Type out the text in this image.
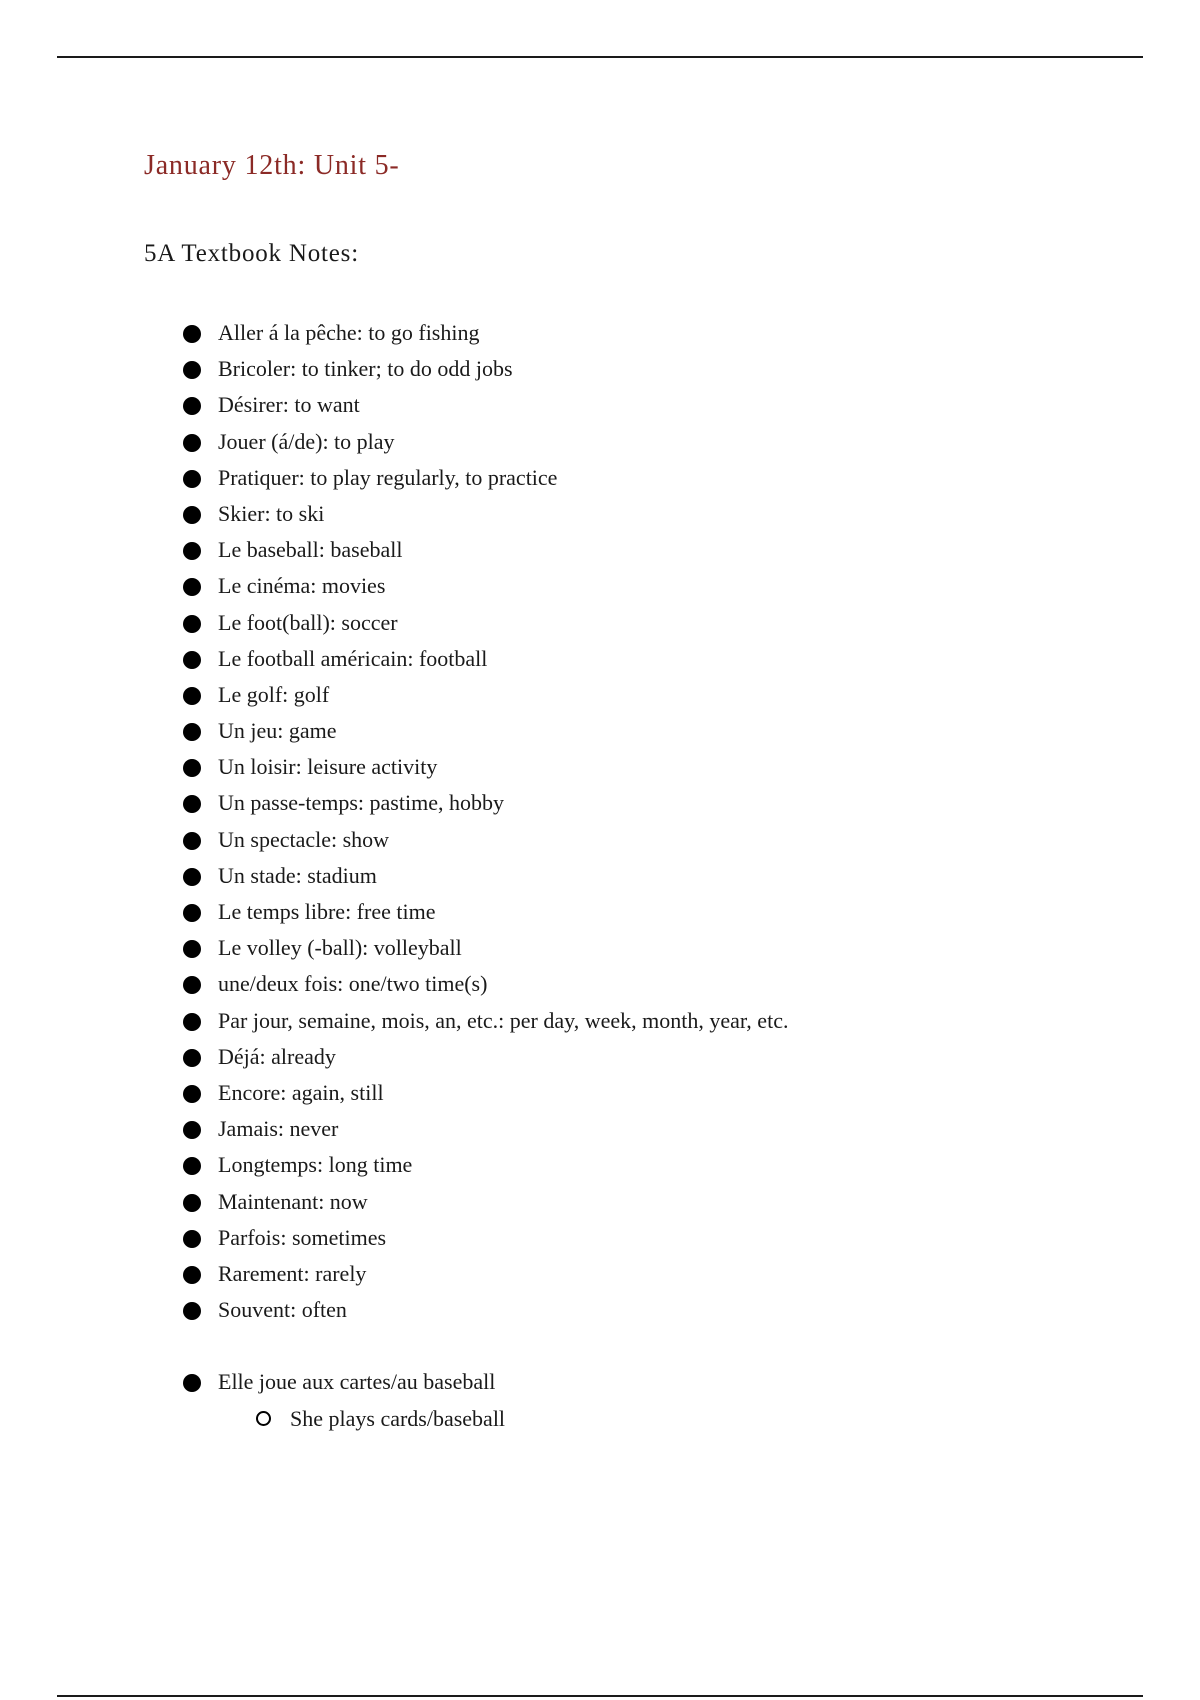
January 12th: Unit 5-
5A Textbook Notes:
Aller á la pêche: to go fishing
Bricoler: to tinker; to do odd jobs
Désirer: to want
Jouer (á/de): to play
Pratiquer: to play regularly, to practice
Skier: to ski
Le baseball: baseball
Le cinéma: movies
Le foot(ball): soccer
Le football américain: football
Le golf: golf
Un jeu: game
Un loisir: leisure activity
Un passe-temps: pastime, hobby
Un spectacle: show
Un stade: stadium
Le temps libre: free time
Le volley (-ball): volleyball
une/deux fois: one/two time(s)
Par jour, semaine, mois, an, etc.: per day, week, month, year, etc.
Déjá: already
Encore: again, still
Jamais: never
Longtemps: long time
Maintenant: now
Parfois: sometimes
Rarement: rarely
Souvent: often
Elle joue aux cartes/au baseball
She plays cards/baseball
